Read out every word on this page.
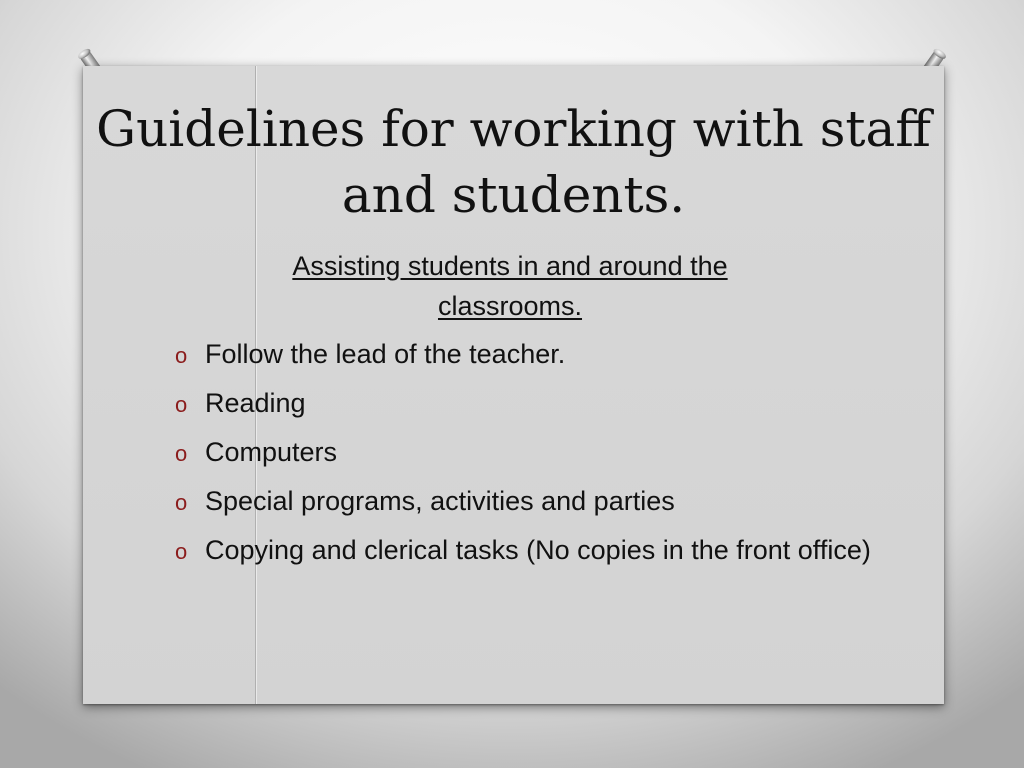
Guidelines for working with staff and students.

Assisting students in and around the classrooms.

o Follow the lead of the teacher.
o Reading
o Computers
o Special programs, activities and parties
o Copying and clerical tasks (No copies in the front office)
